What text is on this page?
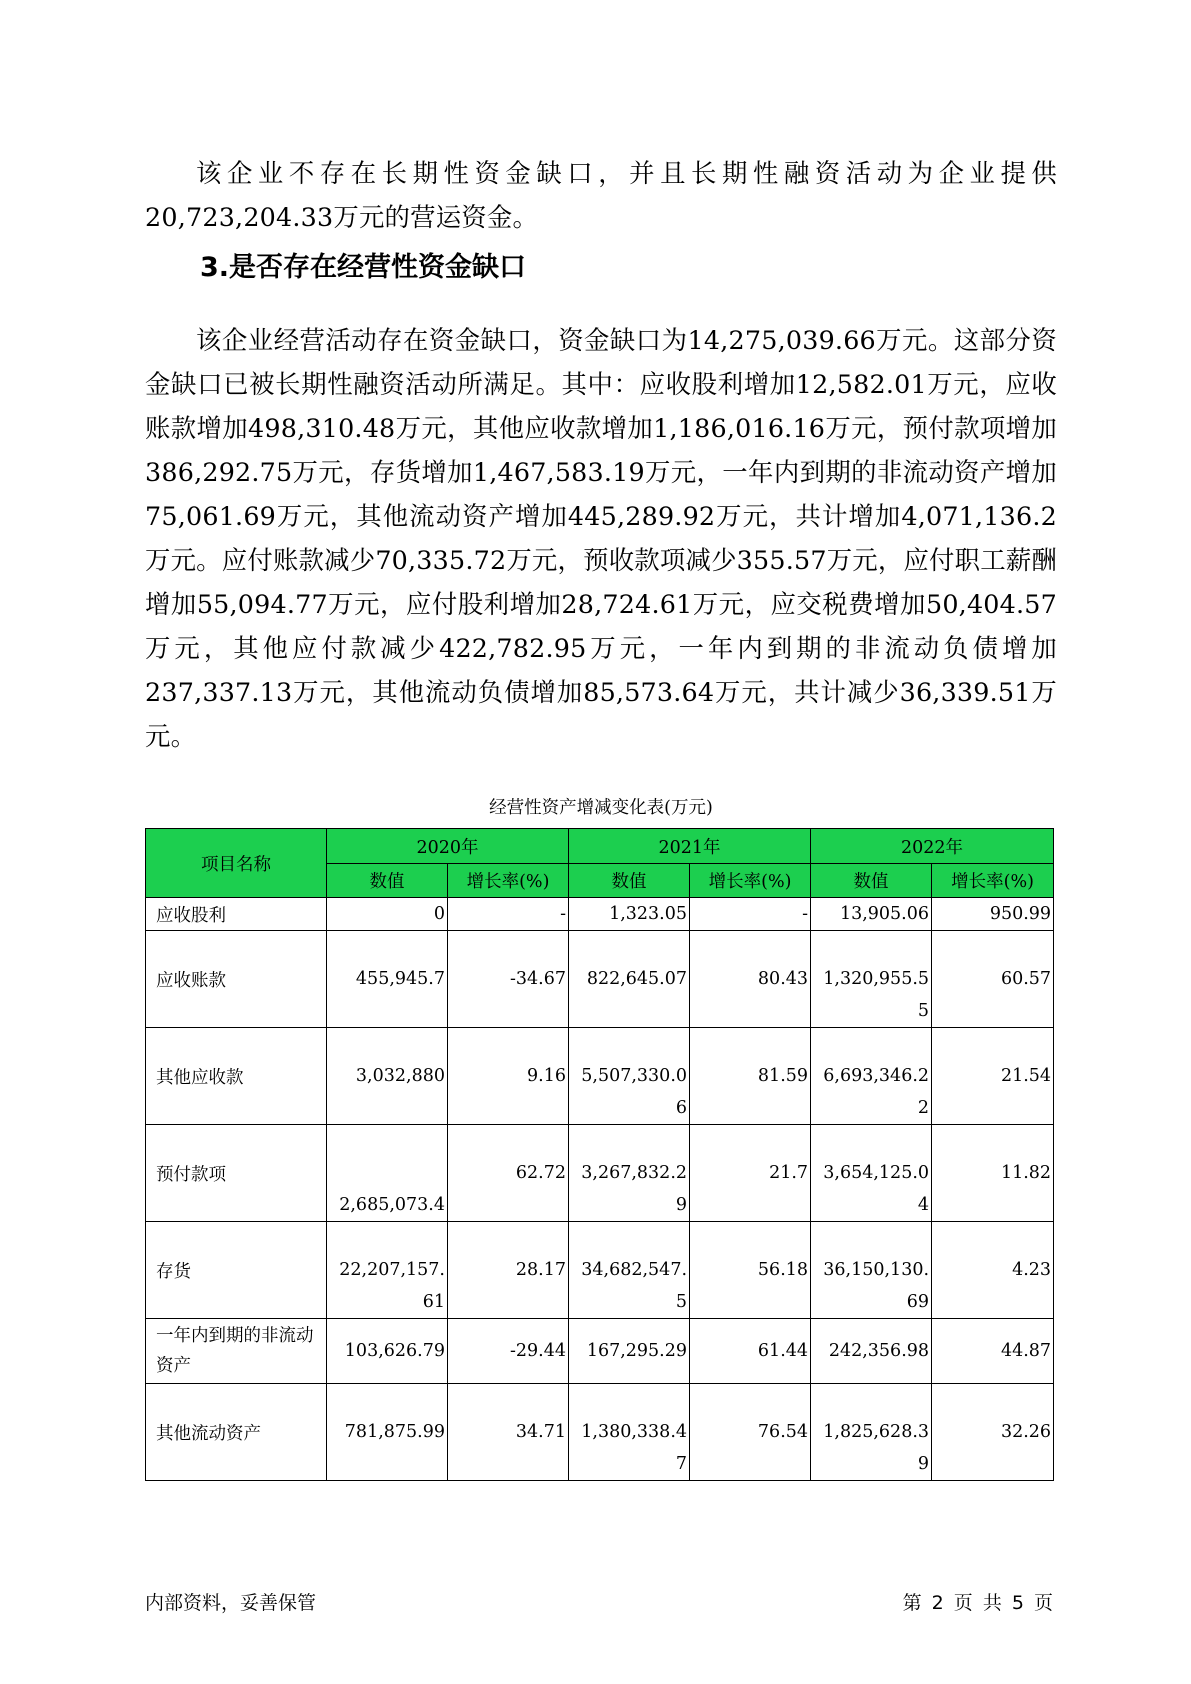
该企业不存在长期性资金缺口，并且长期性融资活动为企业提供20,723,204.33万元的营运资金。

3.是否存在经营性资金缺口

该企业经营活动存在资金缺口，资金缺口为14,275,039.66万元。这部分资金缺口已被长期性融资活动所满足。其中：应收股利增加12,582.01万元，应收账款增加498,310.48万元，其他应收款增加1,186,016.16万元，预付款项增加386,292.75万元，存货增加1,467,583.19万元，一年内到期的非流动资产增加75,061.69万元，其他流动资产增加445,289.92万元，共计增加4,071,136.2万元。应付账款减少70,335.72万元，预收款项减少355.57万元，应付职工薪酬增加55,094.77万元，应付股利增加28,724.61万元，应交税费增加50,404.57万元，其他应付款减少422,782.95万元，一年内到期的非流动负债增加237,337.13万元，其他流动负债增加85,573.64万元，共计减少36,339.51万元。

经营性资产增减变化表(万元)
项目名称	2020年		2021年		2022年	
	数值	增长率(%)	数值	增长率(%)	数值	增长率(%)
应收股利	0	-	1,323.05	-	13,905.06	950.99
应收账款	455,945.7	-34.67	822,645.07	80.43	1,320,955.55	60.57
其他应收款	3,032,880	9.16	5,507,330.06	81.59	6,693,346.22	21.54
预付款项	2,685,073.4	62.72	3,267,832.29	21.7	3,654,125.04	11.82
存货	22,207,157.61	28.17	34,682,547.5	56.18	36,150,130.69	4.23
一年内到期的非流动资产	103,626.79	-29.44	167,295.29	61.44	242,356.98	44.87
其他流动资产	781,875.99	34.71	1,380,338.47	76.54	1,825,628.39	32.26
内部资料，妥善保管	第 2 页 共 5 页
